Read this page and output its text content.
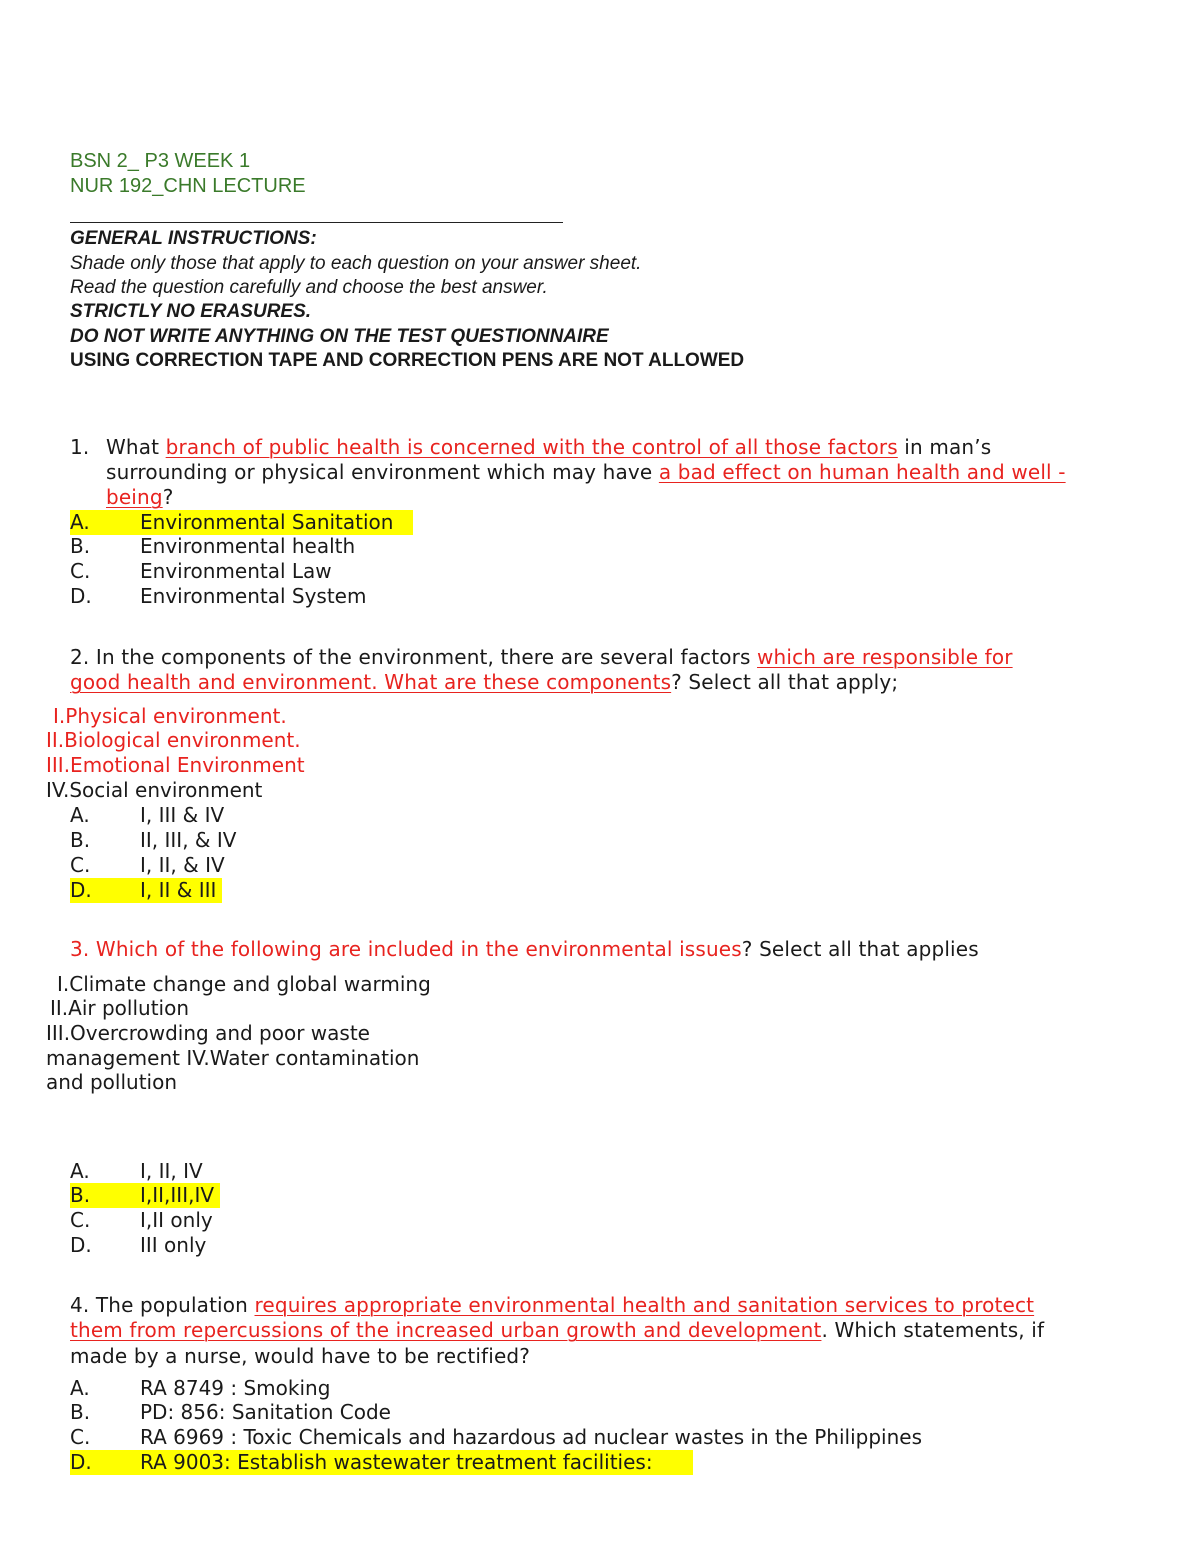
BSN 2_ P3 WEEK 1
NUR 192_CHN LECTURE
GENERAL INSTRUCTIONS:
Shade only those that apply to each question on your answer sheet.
Read the question carefully and choose the best answer.
STRICTLY NO ERASURES.
DO NOT WRITE ANYTHING ON THE TEST QUESTIONNAIRE
USING CORRECTION TAPE AND CORRECTION PENS ARE NOT ALLOWED
1. What branch of public health is concerned with the control of all those factors in man’s
surrounding or physical environment which may have a bad effect on human health and well -
being?
A.	Environmental Sanitation
B. Environmental health
C. Environmental Law
D. Environmental System
2. In the components of the environment, there are several factors which are responsible for
good health and environment. What are these components? Select all that apply;
I.Physical environment.
II.Biological environment.
III.Emotional Environment
IV.Social environment
A.	I, III & IV
B. II, III, & IV
C. I, II, & IV
D. I, II & III
3. Which of the following are included in the environmental issues? Select all that applies
I.Climate change and global warming
II.Air pollution
III.Overcrowding and poor waste
management IV.Water contamination
and pollution
A.	I, II, IV
B. I,II,III,IV
C. I,II only
D. III only
4. The population requires appropriate environmental health and sanitation services to protect
them from repercussions of the increased urban growth and development. Which statements, if
made by a nurse, would have to be rectified?
A.	RA 8749 : Smoking
B. PD: 856: Sanitation Code
C. RA 6969 : Toxic Chemicals and hazardous ad nuclear wastes in the Philippines
D. RA 9003: Establish wastewater treatment facilities:
